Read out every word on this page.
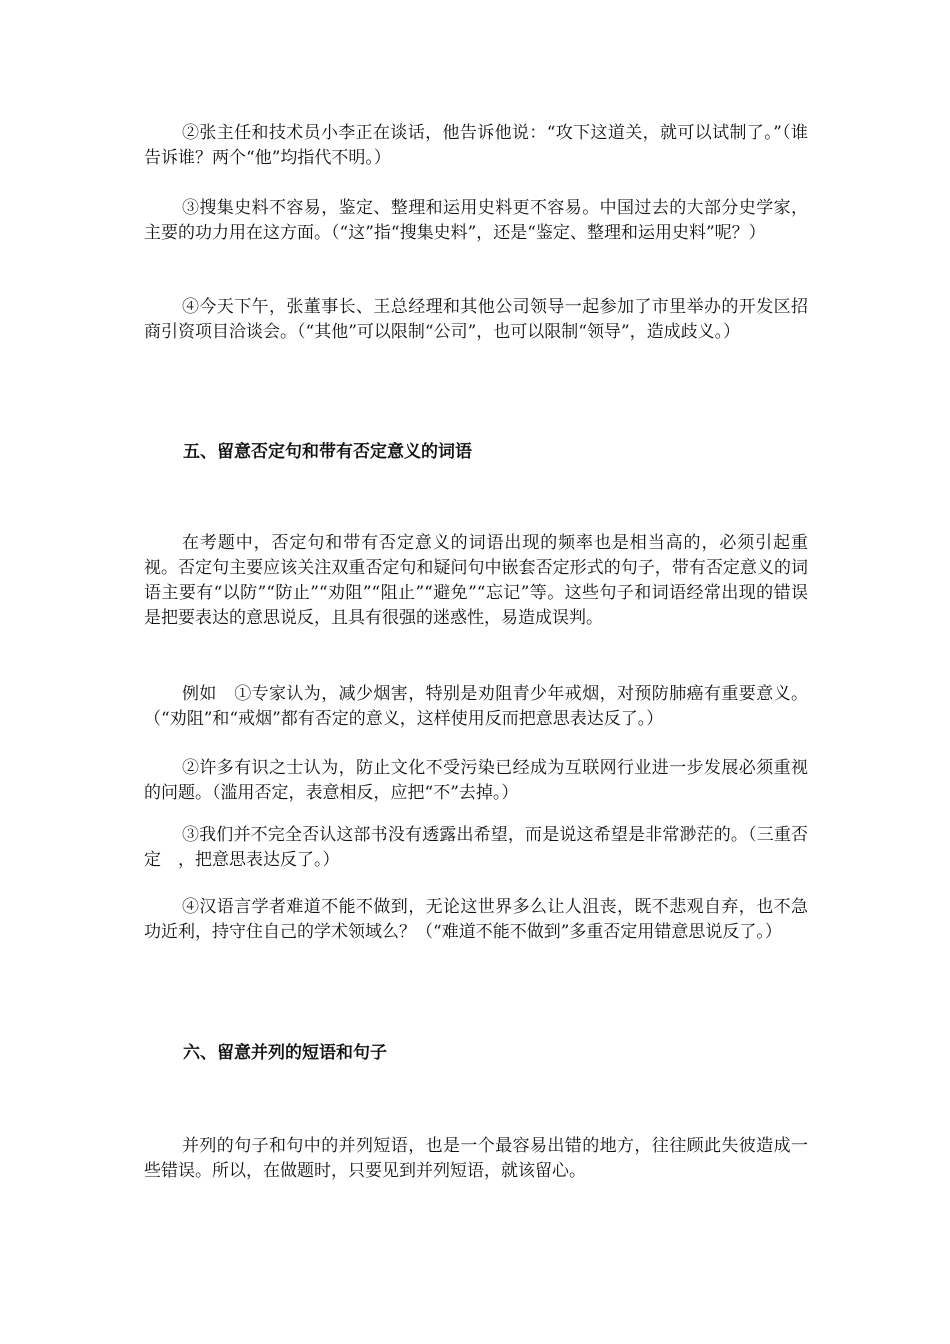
②张主任和技术员小李正在谈话，他告诉他说：“攻下这道关，就可以试制了。”（谁告诉谁？两个“他”均指代不明。）

③搜集史料不容易，鉴定、整理和运用史料更不容易。中国过去的大部分史学家，主要的功力用在这方面。（“这”指“搜集史料”，还是“鉴定、整理和运用史料”呢？）

④今天下午，张董事长、王总经理和其他公司领导一起参加了市里举办的开发区招商引资项目洽谈会。（“其他”可以限制“公司”，也可以限制“领导”，造成歧义。）

五、留意否定句和带有否定意义的词语

在考题中，否定句和带有否定意义的词语出现的频率也是相当高的，必须引起重视。否定句主要应该关注双重否定句和疑问句中嵌套否定形式的句子，带有否定意义的词语主要有“以防”“防止”“劝阻”“阻止”“避免”“忘记”等。这些句子和词语经常出现的错误是把要表达的意思说反，且具有很强的迷惑性，易造成误判。

例如　①专家认为，减少烟害，特别是劝阻青少年戒烟，对预防肺癌有重要意义。（“劝阻”和“戒烟”都有否定的意义，这样使用反而把意思表达反了。）

②许多有识之士认为，防止文化不受污染已经成为互联网行业进一步发展必须重视的问题。（滥用否定，表意相反，应把“不”去掉。）

③我们并不完全否认这部书没有透露出希望，而是说这希望是非常渺茫的。（三重否定　，把意思表达反了。）

④汉语言学者难道不能不做到，无论这世界多么让人沮丧，既不悲观自弃，也不急功近利，持守住自己的学术领域么？（“难道不能不做到”多重否定用错意思说反了。）

六、留意并列的短语和句子

并列的句子和句中的并列短语，也是一个最容易出错的地方，往往顾此失彼造成一些错误。所以，在做题时，只要见到并列短语，就该留心。
